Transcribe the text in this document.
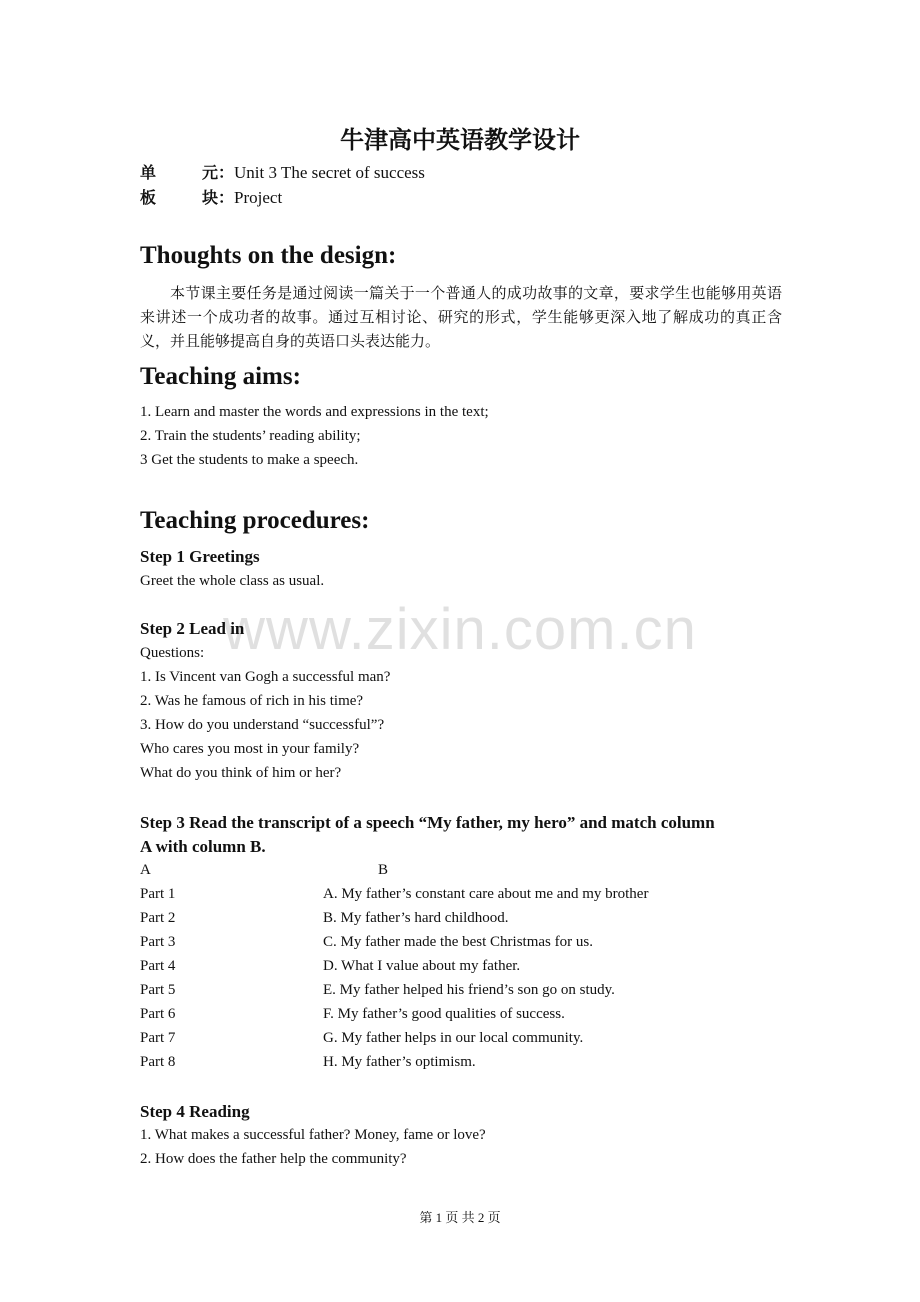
牛津高中英语教学设计
单	元：Unit 3 The secret of success
板	块：Project
Thoughts on the design:
本节课主要任务是通过阅读一篇关于一个普通人的成功故事的文章，要求学生也能够用英语来讲述一个成功者的故事。通过互相讨论、研究的形式，学生能够更深入地了解成功的真正含义，并且能够提高自身的英语口头表达能力。
Teaching aims:
1. Learn and master the words and expressions in the text;
2. Train the students’ reading ability;
3 Get the students to make a speech.
Teaching procedures:
Step 1 Greetings
Greet the whole class as usual.
Step 2 Lead in
Questions:
1. Is Vincent van Gogh a successful man?
2. Was he famous of rich in his time?
3. How do you understand “successful”?
Who cares you most in your family?
What do you think of him or her?
Step 3 Read the transcript of a speech “My father, my hero” and match column
A with column B.
A	B
Part 1	A. My father’s constant care about me and my brother
Part 2	B. My father’s hard childhood.
Part 3	C. My father made the best Christmas for us.
Part 4	D. What I value about my father.
Part 5	E. My father helped his friend’s son go on study.
Part 6	F. My father’s good qualities of success.
Part 7	G. My father helps in our local community.
Part 8	H. My father’s optimism.
Step 4 Reading
1. What makes a successful father? Money, fame or love?
2. How does the father help the community?
第 1 页 共 2 页
www.zixin.com.cn
